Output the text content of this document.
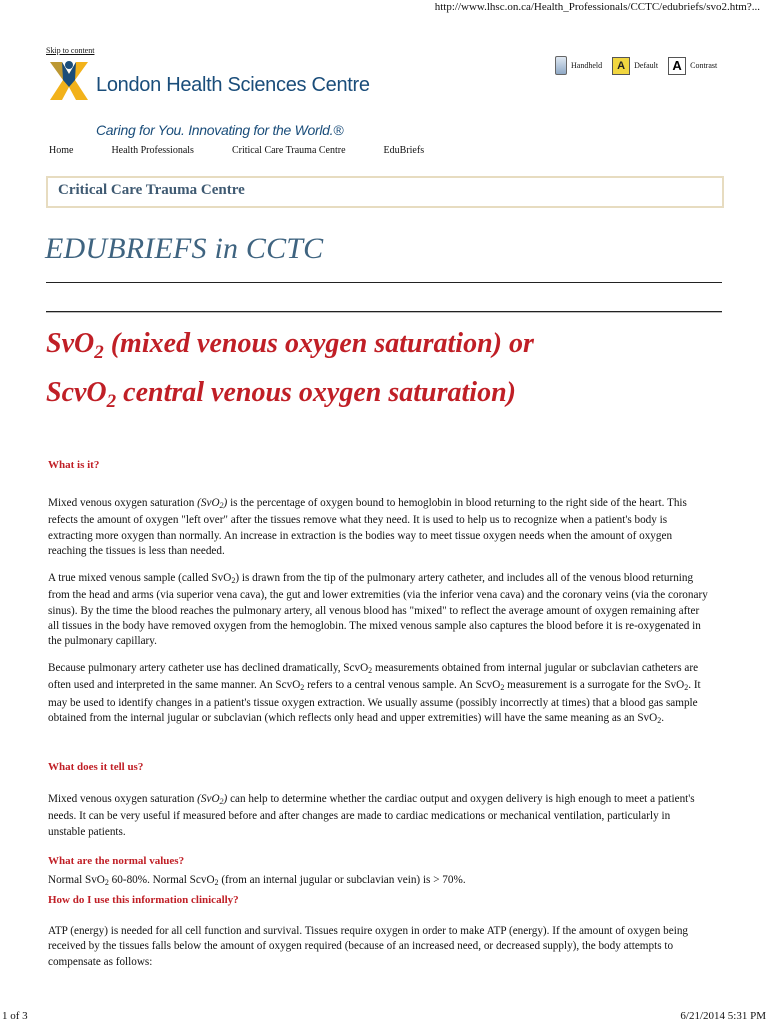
http://www.lhsc.on.ca/Health_Professionals/CCTC/edubriefs/svo2.htm?...
Skip to content
London Health Sciences Centre
Caring for You. Innovating for the World.®
Handheld	A	Default	A	Contrast
Home	Health Professionals	Critical Care Trauma Centre	EduBriefs
Critical Care Trauma Centre
EDUBRIEFS in CCTC
SvO$_2$ (mixed venous oxygen saturation) or
ScvO$_2$ central venous oxygen saturation)
What is it?
Mixed venous oxygen saturation (SvO$_2$) is the percentage of oxygen bound to hemoglobin in blood returning to the right side of the heart. This refects the amount of oxygen "left over" after the tissues remove what they need. It is used to help us to recognize when a patient's body is extracting more oxygen than normally. An increase in extraction is the bodies way to meet tissue oxygen needs when the amount of oxygen reaching the tissues is less than needed.
A true mixed venous sample (called SvO$_2$) is drawn from the tip of the pulmonary artery catheter, and includes all of the venous blood returning from the head and arms (via superior vena cava), the gut and lower extremities (via the inferior vena cava) and the coronary veins (via the coronary sinus). By the time the blood reaches the pulmonary artery, all venous blood has "mixed" to reflect the average amount of oxygen remaining after all tissues in the body have removed oxygen from the hemoglobin. The mixed venous sample also captures the blood before it is re-oxygenated in the pulmonary capillary.
Because pulmonary artery catheter use has declined dramatically, ScvO$_2$ measurements obtained from internal jugular or subclavian catheters are often used and interpreted in the same manner. An ScvO$_2$ refers to a central venous sample. An ScvO$_2$ measurement is a surrogate for the SvO$_2$. It may be used to identify changes in a patient's tissue oxygen extraction. We usually assume (possibly incorrectly at times) that a blood gas sample obtained from the internal jugular or subclavian (which reflects only head and upper extremities) will have the same meaning as an SvO$_2$.
What does it tell us?
Mixed venous oxygen saturation (SvO$_2$) can help to determine whether the cardiac output and oxygen delivery is high enough to meet a patient's needs. It can be very useful if measured before and after changes are made to cardiac medications or mechanical ventilation, particularly in unstable patients.
What are the normal values?
Normal SvO$_2$ 60-80%. Normal ScvO$_2$ (from an internal jugular or subclavian vein) is > 70%.
How do I use this information clinically?
ATP (energy) is needed for all cell function and survival. Tissues require oxygen in order to make ATP (energy). If the amount of oxygen being received by the tissues falls below the amount of oxygen required (because of an increased need, or decreased supply), the body attempts to compensate as follows:
1 of 3	6/21/2014 5:31 PM
